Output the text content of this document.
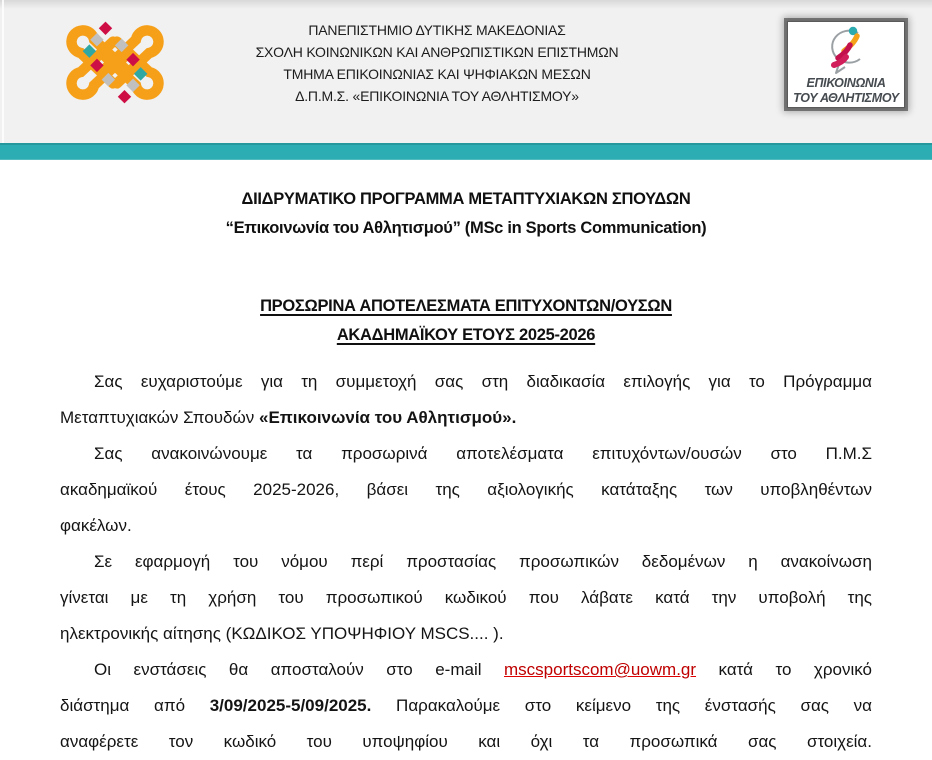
ΠΑΝΕΠΙΣΤΗΜΙΟ ΔΥΤΙΚΗΣ ΜΑΚΕΔΟΝΙΑΣ
ΣΧΟΛΗ ΚΟΙΝΩΝΙΚΩΝ ΚΑΙ ΑΝΘΡΩΠΙΣΤΙΚΩΝ ΕΠΙΣΤΗΜΩΝ
ΤΜΗΜΑ ΕΠΙΚΟΙΝΩΝΙΑΣ ΚΑΙ ΨΗΦΙΑΚΩΝ ΜΕΣΩΝ
Δ.Π.Μ.Σ. «ΕΠΙΚΟΙΝΩΝΙΑ ΤΟΥ ΑΘΛΗΤΙΣΜΟΥ»
ΕΠΙΚΟΙΝΩΝΙΑ
ΤΟΥ ΑΘΛΗΤΙΣΜΟΥ
ΔΙΙΔΡΥΜΑΤΙΚΟ ΠΡΟΓΡΑΜΜΑ ΜΕΤΑΠΤΥΧΙΑΚΩΝ ΣΠΟΥΔΩΝ
“Επικοινωνία του Αθλητισμού” (MSc in Sports Communication)
ΠΡΟΣΩΡΙΝΑ ΑΠΟΤΕΛΕΣΜΑΤΑ ΕΠΙΤΥΧΟΝΤΩΝ/ΟΥΣΩΝ
ΑΚΑΔΗΜΑΪΚΟΥ ΕΤΟΥΣ 2025-2026
Σας ευχαριστούμε για τη συμμετοχή σας στη διαδικασία επιλογής για το Πρόγραμμα
Μεταπτυχιακών Σπουδών «Επικοινωνία του Αθλητισμού».
Σας ανακοινώνουμε τα προσωρινά αποτελέσματα επιτυχόντων/ουσών στο Π.Μ.Σ
ακαδημαϊκού έτους 2025-2026, βάσει της αξιολογικής κατάταξης των υποβληθέντων
φακέλων.
Σε εφαρμογή του νόμου περί προστασίας προσωπικών δεδομένων η ανακοίνωση
γίνεται με τη χρήση του προσωπικού κωδικού που λάβατε κατά την υποβολή της
ηλεκτρονικής αίτησης (ΚΩΔΙΚΟΣ ΥΠΟΨΗΦΙΟΥ MSCS.... ).
Οι ενστάσεις θα αποσταλούν στο e-mail mscsportscom@uowm.gr κατά το χρονικό
διάστημα από 3/09/2025-5/09/2025. Παρακαλούμε στο κείμενο της ένστασής σας να
αναφέρετε τον κωδικό του υποψηφίου και όχι τα προσωπικά σας στοιχεία.
